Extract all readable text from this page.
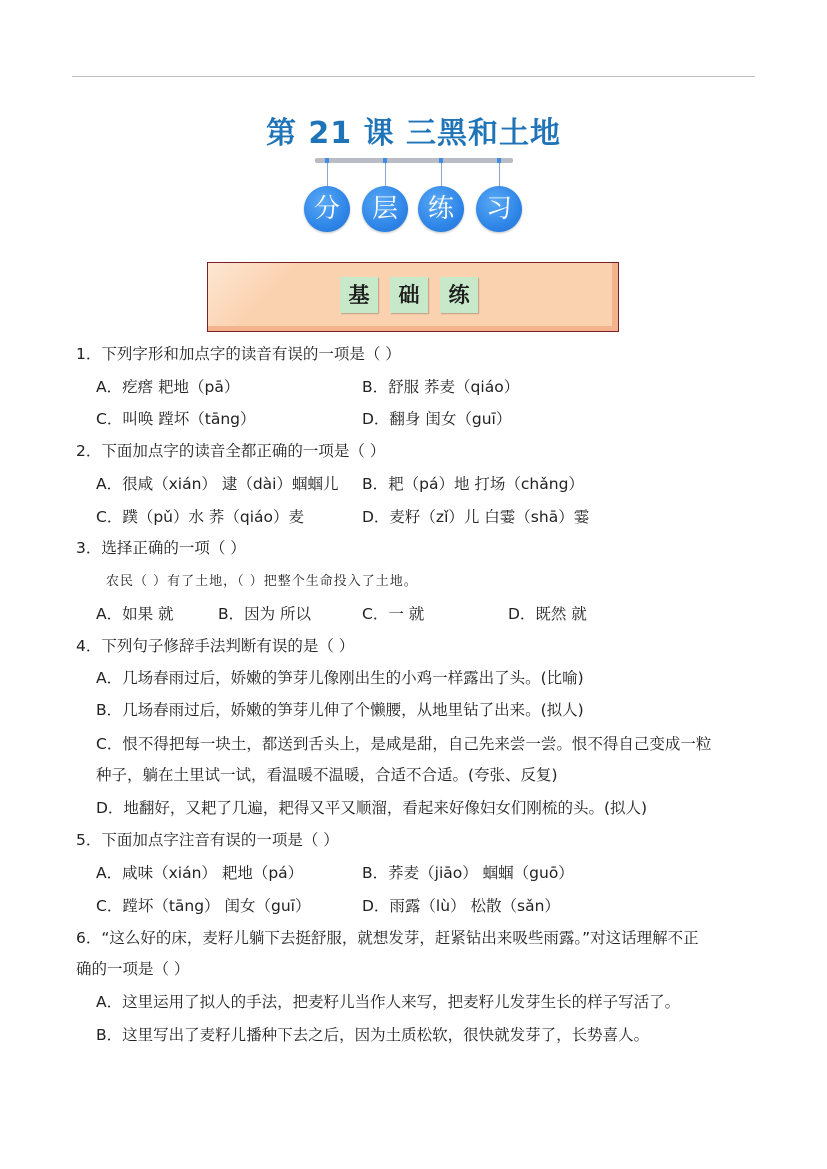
第 21 课 三黑和土地
分	层	练	习
基	础	练
1．下列字形和加点字的读音有误的一项是（ ）
A．疙瘩 耙地（pā）	B．舒服 荞麦（qiáo）
C．叫唤 蹚坏（tāng）	D．翻身 闺女（guī）
2．下面加点字的读音全都正确的一项是（ ）
A．很咸（xián） 逮（dài）蝈蝈儿 B．耙（pá）地 打场（chǎng）
C．蹼（pǔ）水 荞（qiáo）麦	D．麦籽（zǐ）儿 白霎（shā）霎
3．选择正确的一项（ ）
农民（ ）有了土地，（ ）把整个生命投入了土地。
A．如果 就	B．因为 所以	C．一 就	D．既然 就
4．下列句子修辞手法判断有误的是（ ）
A．几场春雨过后，娇嫩的笋芽儿像刚出生的小鸡一样露出了头。(比喻)
B．几场春雨过后，娇嫩的笋芽儿伸了个懒腰，从地里钻了出来。(拟人)
C．恨不得把每一块土，都送到舌头上，是咸是甜，自己先来尝一尝。恨不得自己变成一粒
种子，躺在土里试一试，看温暖不温暖，合适不合适。(夸张、反复)
D．地翻好，又耙了几遍，耙得又平又顺溜，看起来好像妇女们刚梳的头。(拟人)
5．下面加点字注音有误的一项是（ ）
A．咸味（xián） 耙地（pá）	B．荞麦（jiāo） 蝈蝈（guō）
C．蹚坏（tāng） 闺女（guī）	D．雨露（lù） 松散（sǎn）
6．“这么好的床，麦籽儿躺下去挺舒服，就想发芽，赶紧钻出来吸些雨露。”对这话理解不正
确的一项是（ ）
A．这里运用了拟人的手法，把麦籽儿当作人来写，把麦籽儿发芽生长的样子写活了。
B．这里写出了麦籽儿播种下去之后，因为土质松软，很快就发芽了，长势喜人。
